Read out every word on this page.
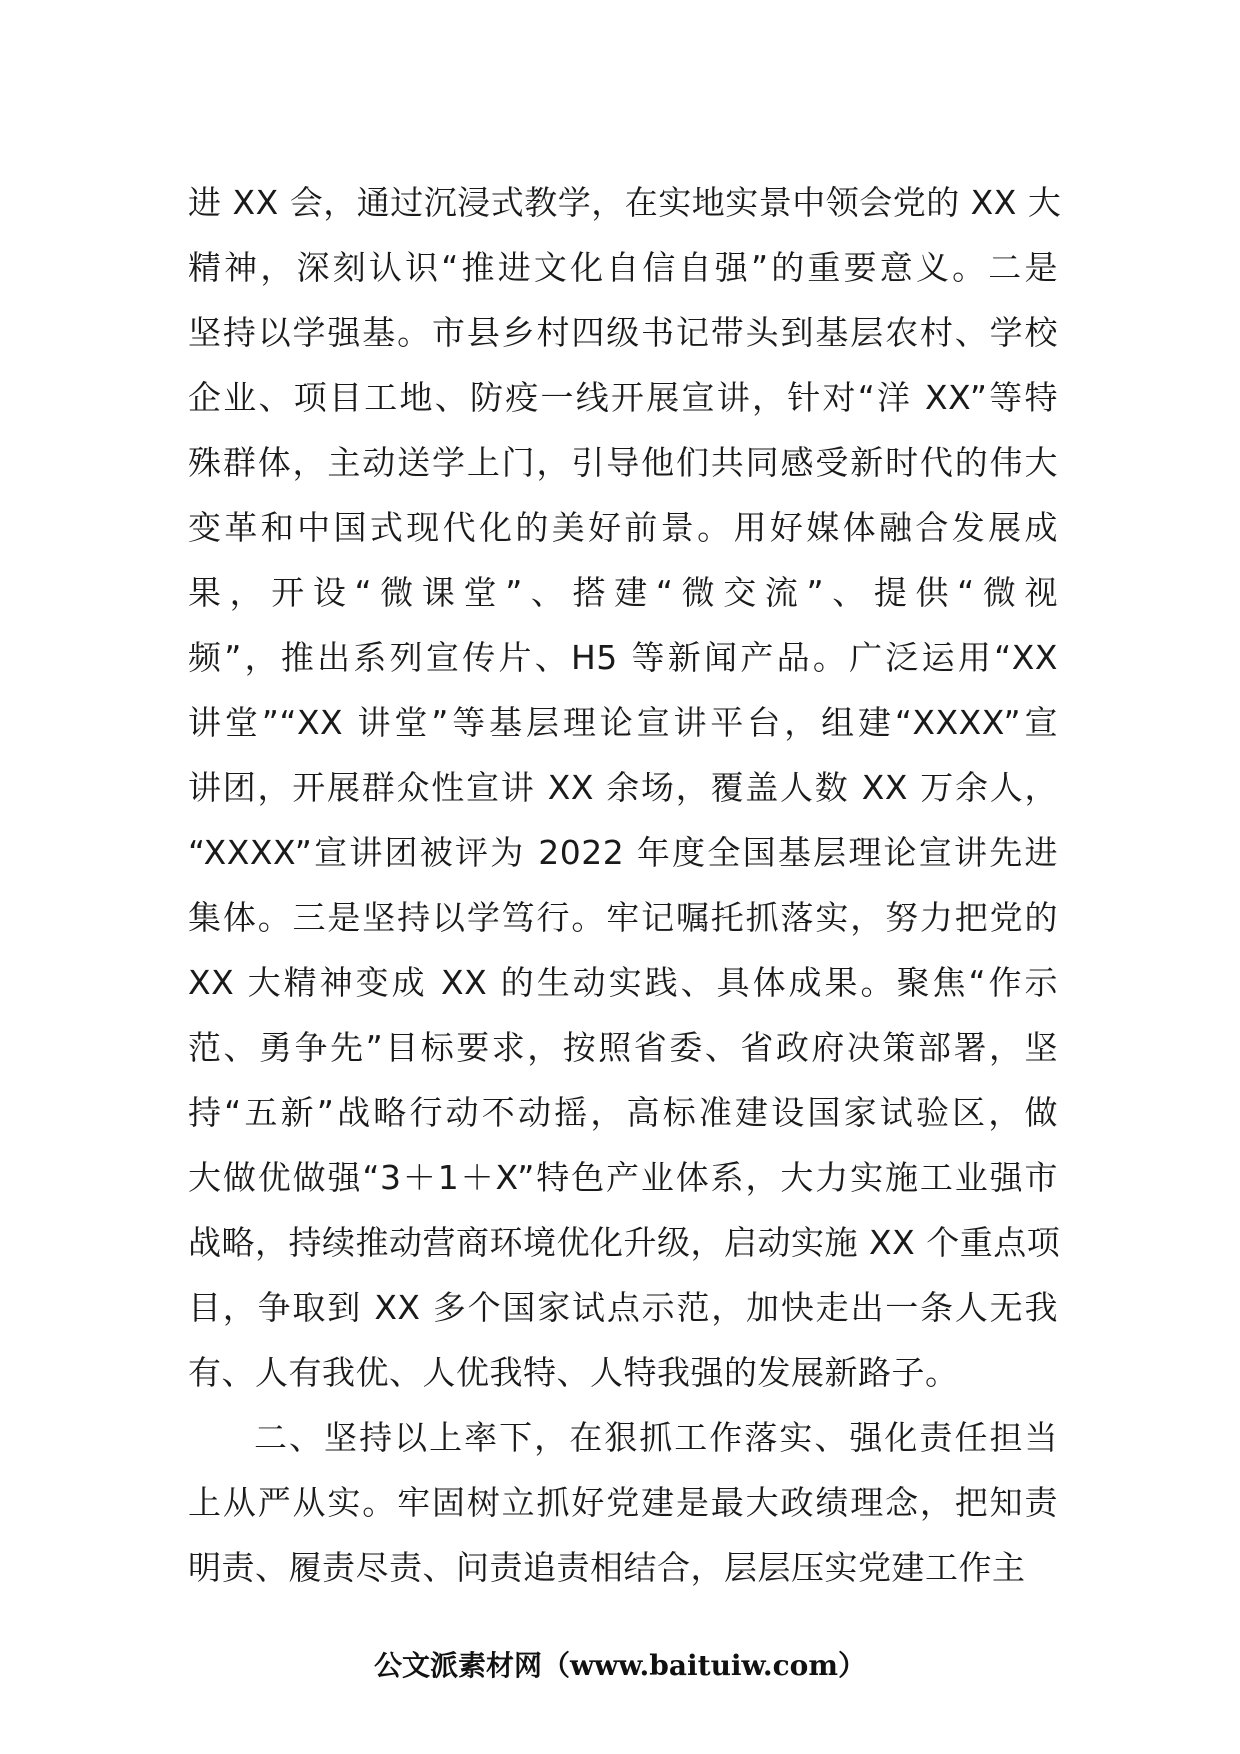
进 XX 会，通过沉浸式教学，在实地实景中领会党的 XX 大
精神，深刻认识“推进文化自信自强”的重要意义。二是
坚持以学强基。市县乡村四级书记带头到基层农村、学校
企业、项目工地、防疫一线开展宣讲，针对“洋 XX”等特
殊群体，主动送学上门，引导他们共同感受新时代的伟大
变革和中国式现代化的美好前景。用好媒体融合发展成
果，开设“微课堂”、搭建“微交流”、提供“微视
频”，推出系列宣传片、H5 等新闻产品。广泛运用“XX
讲堂”“XX 讲堂”等基层理论宣讲平台，组建“XXXX”宣
讲团，开展群众性宣讲 XX 余场，覆盖人数 XX 万余人，
“XXXX”宣讲团被评为 2022 年度全国基层理论宣讲先进
集体。三是坚持以学笃行。牢记嘱托抓落实，努力把党的
XX 大精神变成 XX 的生动实践、具体成果。聚焦“作示
范、勇争先”目标要求，按照省委、省政府决策部署，坚
持“五新”战略行动不动摇，高标准建设国家试验区，做
大做优做强“3＋1＋X”特色产业体系，大力实施工业强市
战略，持续推动营商环境优化升级，启动实施 XX 个重点项
目，争取到 XX 多个国家试点示范，加快走出一条人无我
有、人有我优、人优我特、人特我强的发展新路子。
二、坚持以上率下，在狠抓工作落实、强化责任担当
上从严从实。牢固树立抓好党建是最大政绩理念，把知责
明责、履责尽责、问责追责相结合，层层压实党建工作主
公文派素材网（www.baituiw.com）
